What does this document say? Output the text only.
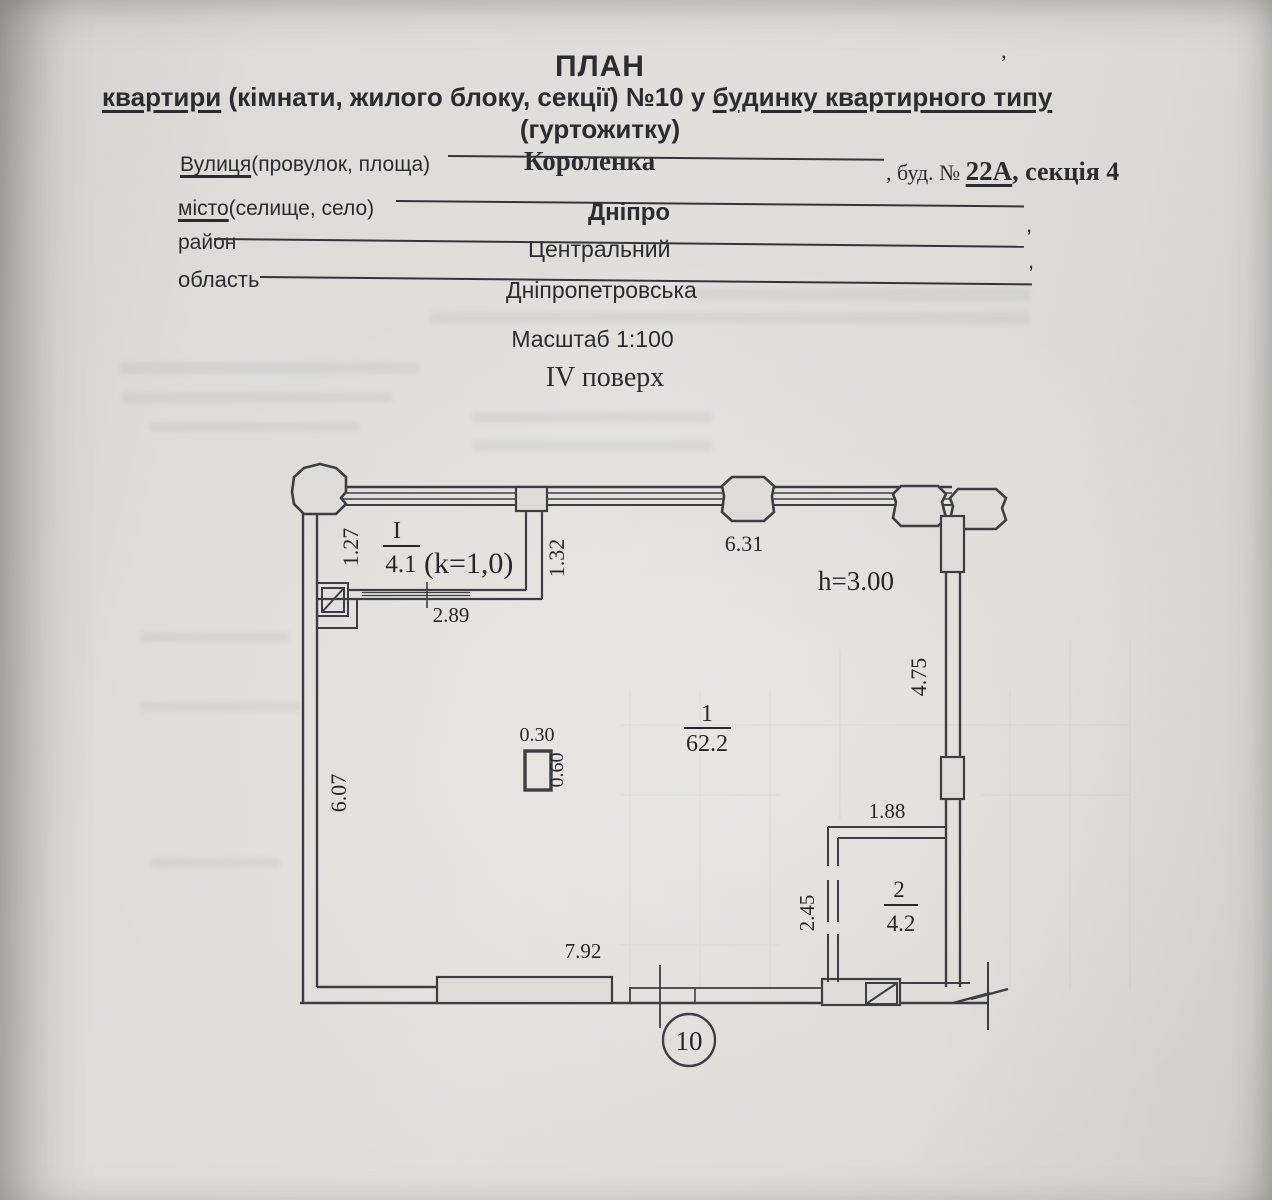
ПЛАН	’
квартири (кімнати, жилого блоку, секції) №10 у будинку квартирного типу
(гуртожитку)
Вулиця(провулок, площа)	Короленка	, буд. № 22А, секція 4
місто(селище, село)	Дніпро	,
район	Центральний	,
область	Дніпропетровська
Масштаб 1:100
IV поверх
I
4.1 (k=1,0)
1
62.2
2
4.2
1.27	1.32
2.89
6.31
h=3.00
4.75
0.30
0.60
6.07	1.88
2.45
7.92
10
